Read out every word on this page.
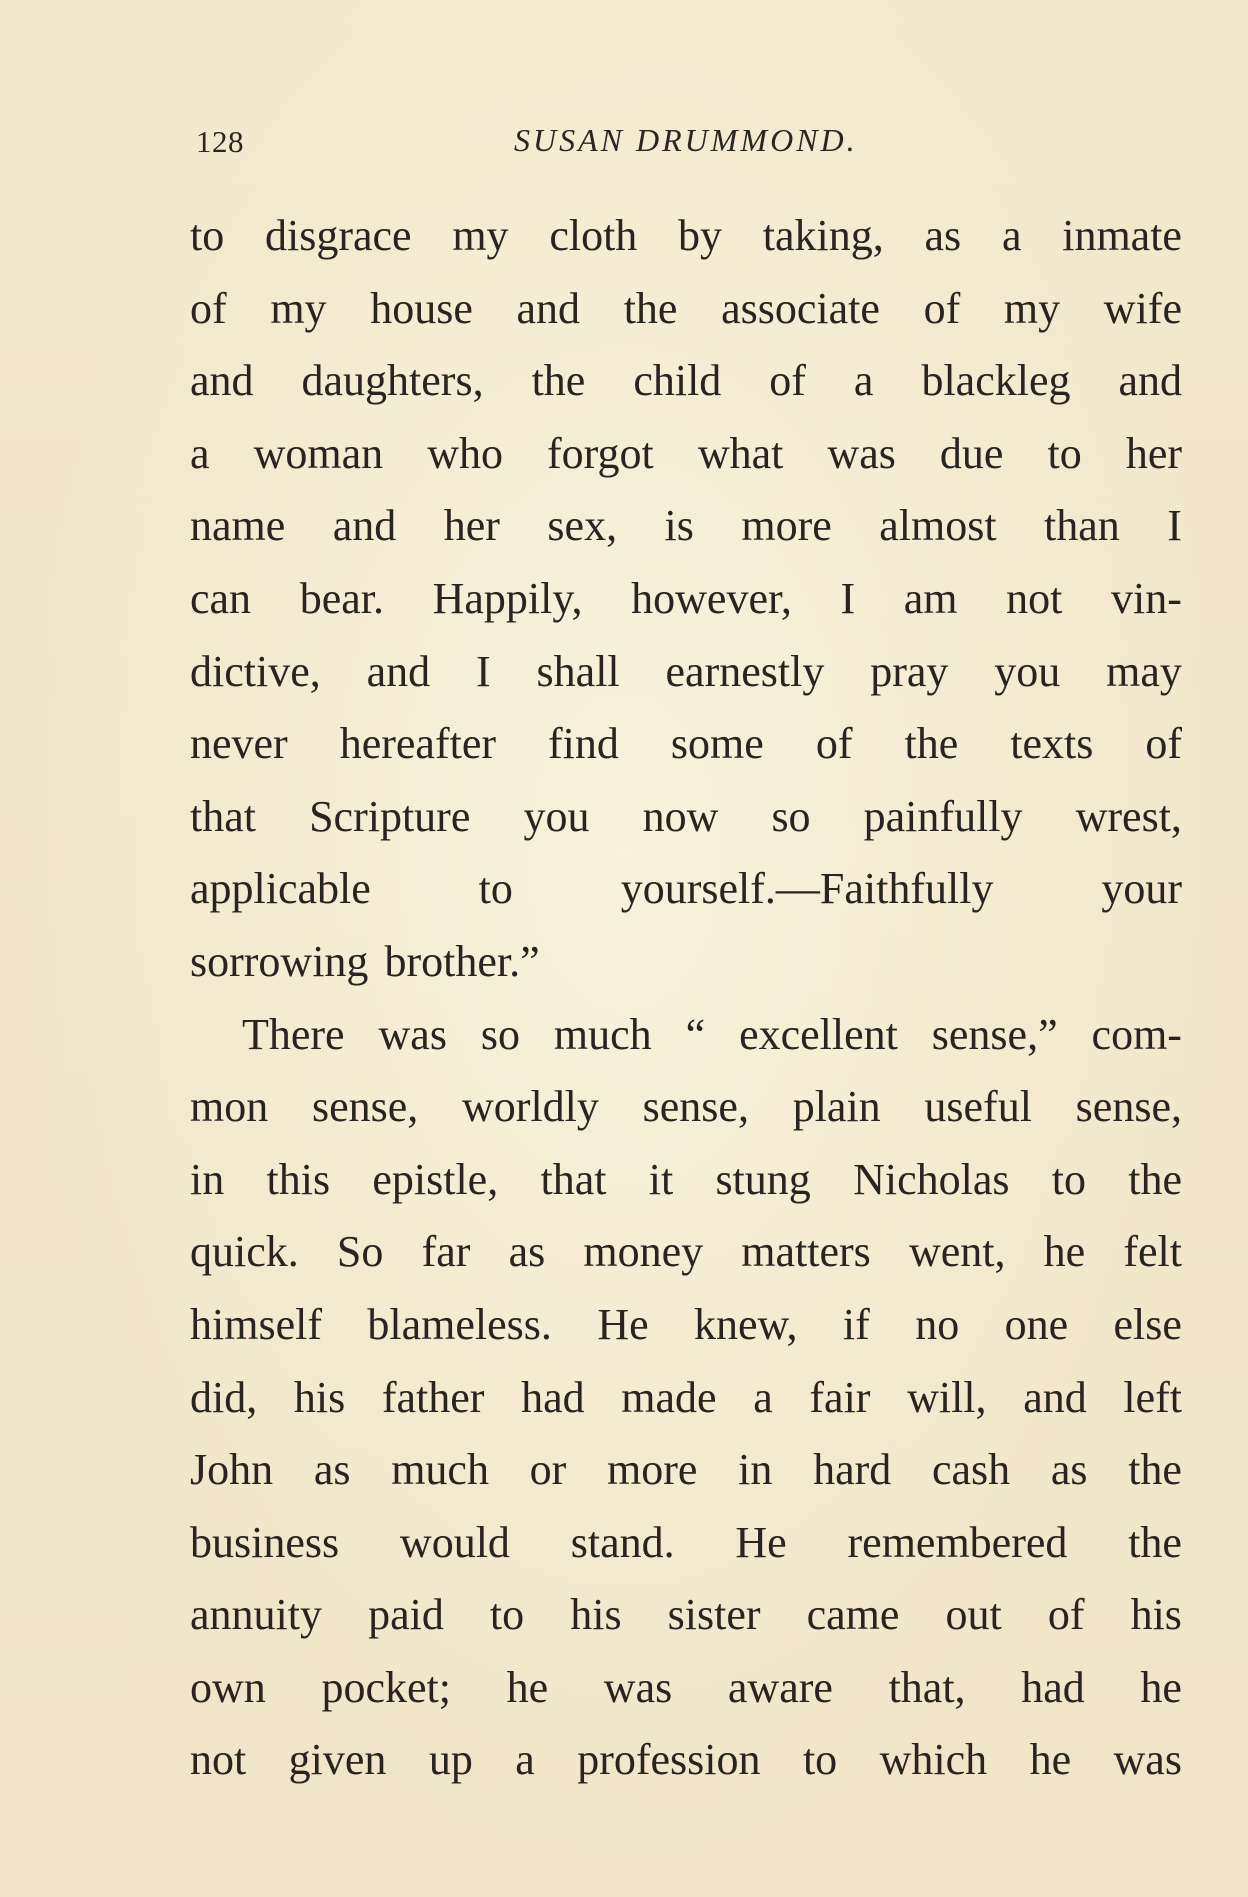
128	SUSAN DRUMMOND.
to disgrace my cloth by taking, as a inmate
of my house and the associate of my wife
and daughters, the child of a blackleg and
a woman who forgot what was due to her
name and her sex, is more almost than I
can bear. Happily, however, I am not vin-
dictive, and I shall earnestly pray you may
never hereafter find some of the texts of
that Scripture you now so painfully wrest,
applicable to yourself.—Faithfully your
sorrowing brother.”
There was so much “ excellent sense,” com-
mon sense, worldly sense, plain useful sense,
in this epistle, that it stung Nicholas to the
quick. So far as money matters went, he felt
himself blameless. He knew, if no one else
did, his father had made a fair will, and left
John as much or more in hard cash as the
business would stand. He remembered the
annuity paid to his sister came out of his
own pocket; he was aware that, had he
not given up a profession to which he was
